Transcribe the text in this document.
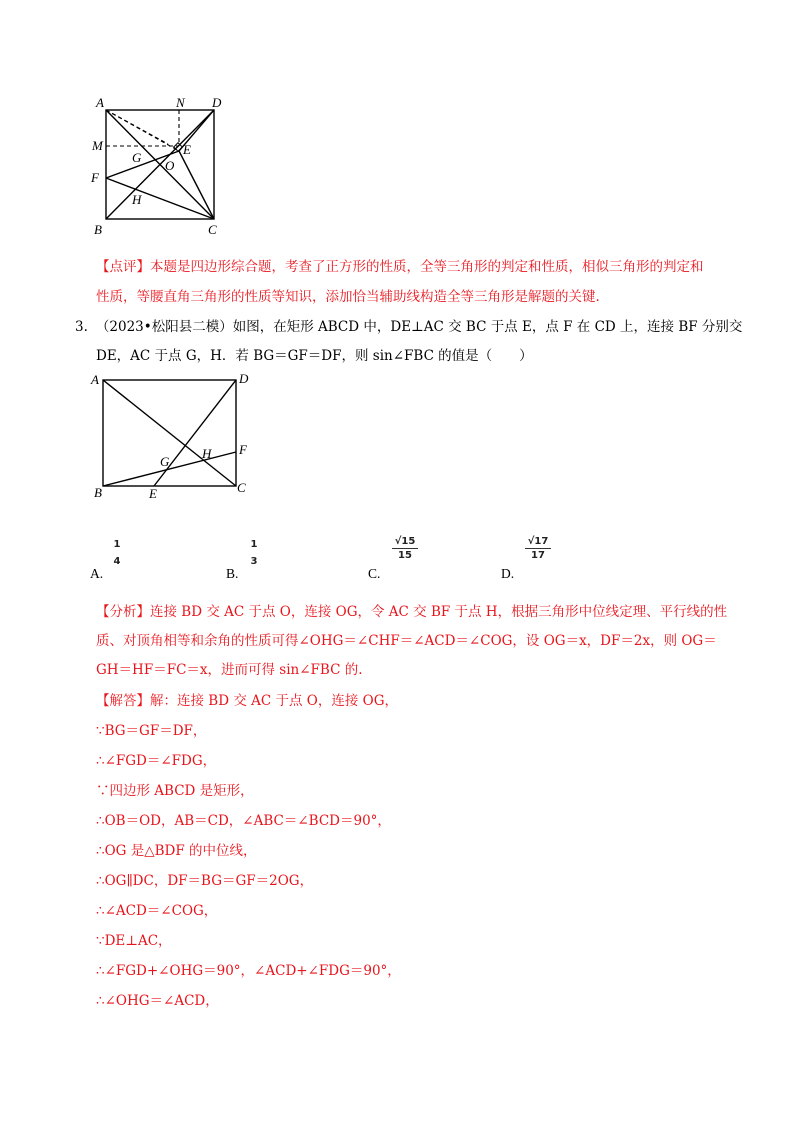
A	N D
M
G
E
O
F
H
B	C
【点评】本题是四边形综合题，考查了正方形的性质，全等三角形的判定和性质，相似三角形的判定和
性质，等腰直角三角形的性质等知识，添加恰当辅助线构造全等三角形是解题的关键.
3. （2023•松阳县二模）如图，在矩形 ABCD 中，DE⊥AC 交 BC 于点 E，点 F 在 CD 上，连接 BF 分别交
DE，AC 于点 G，H．若 BG＝GF＝DF，则 sin∠FBC 的值是（　　）
A	D
F
H
G
B	E	C
1
4
A.
1
3
B.
√15
15
C.
√17
17
D.
【分析】连接 BD 交 AC 于点 O，连接 OG，令 AC 交 BF 于点 H，根据三角形中位线定理、平行线的性
质、对顶角相等和余角的性质可得∠OHG＝∠CHF＝∠ACD＝∠COG，设 OG＝x，DF＝2x，则 OG＝
GH＝HF＝FC＝x，进而可得 sin∠FBC 的.
【解答】解：连接 BD 交 AC 于点 O，连接 OG，
∵BG＝GF＝DF，
∴∠FGD＝∠FDG，
∵四边形 ABCD 是矩形，
∴OB＝OD，AB＝CD，∠ABC＝∠BCD＝90°，
∴OG 是△BDF 的中位线，
∴OG∥DC，DF＝BG＝GF＝2OG，
∴∠ACD＝∠COG，
∵DE⊥AC，
∴∠FGD+∠OHG＝90°，∠ACD+∠FDG＝90°，
∴∠OHG＝∠ACD，
